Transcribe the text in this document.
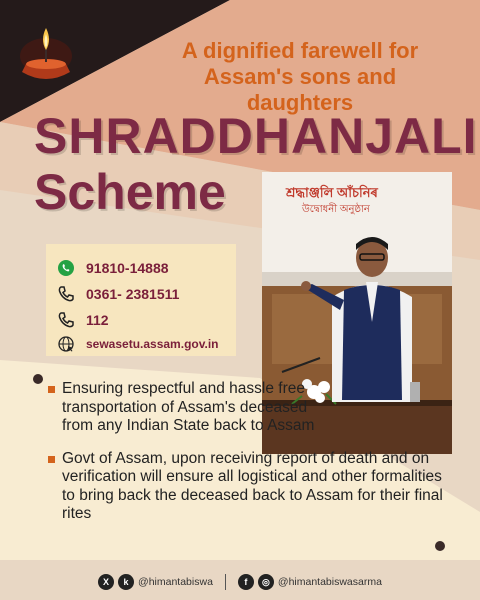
A dignified farewell for
Assam's sons and daughters
SHRADDHANJALI
Scheme
91810-14888
0361- 2381511
112
sewasetu.assam.gov.in
শ্ৰদ্ধাঞ্জলি আঁচনিৰ
উদ্বোধনী অনুষ্ঠান
Ensuring respectful and hassle free transportation of Assam's deceased from any Indian State back to Assam
Govt of Assam, upon receiving report of death and on verification will ensure all logistical and other formalities to bring back the deceased back to Assam for their final rites
X	k @himantabiswa	f	◎ @himantabiswasarma
